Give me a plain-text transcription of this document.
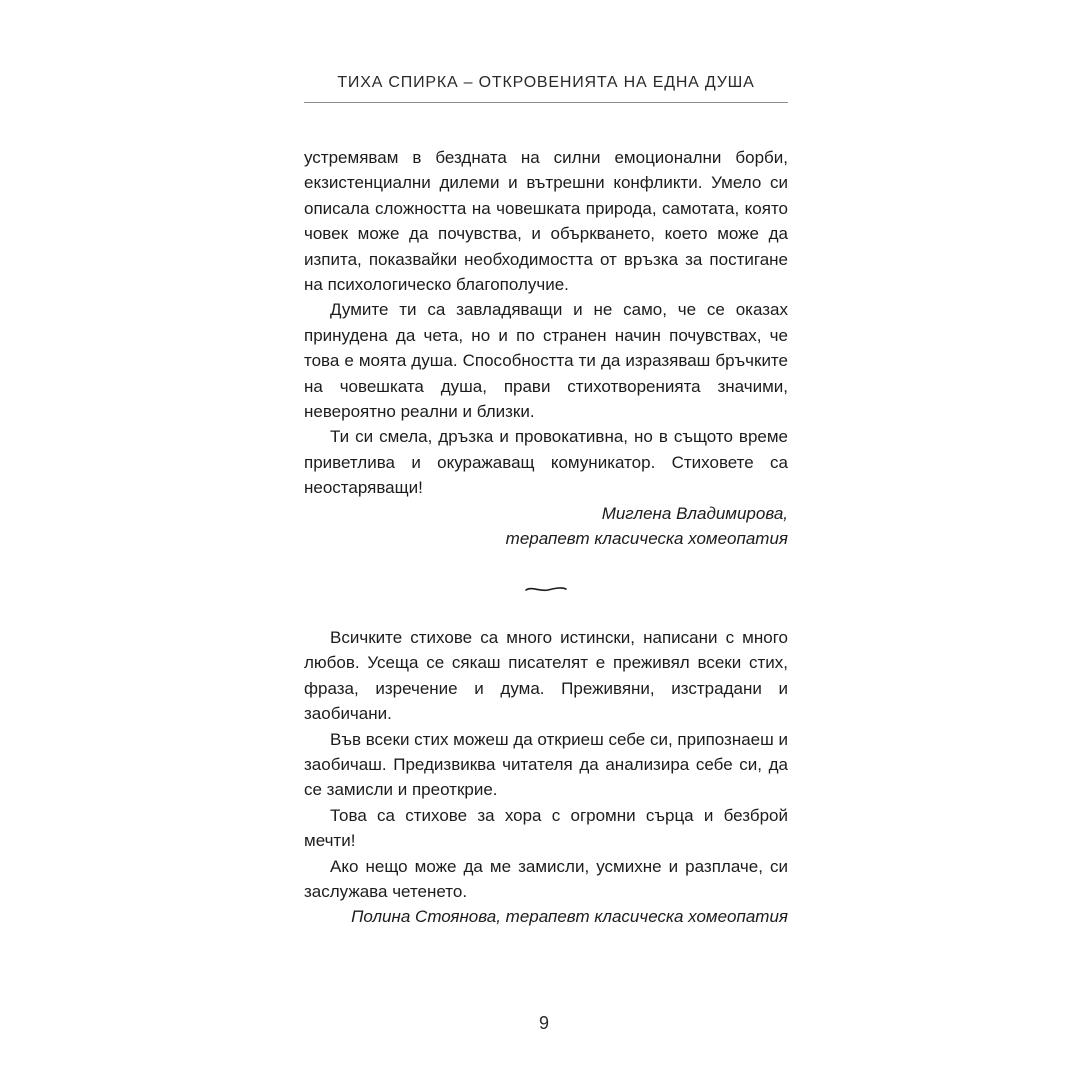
ТИХА СПИРКА – ОТКРОВЕНИЯТА НА ЕДНА ДУША

устремявам в бездната на силни емоционални борби, екзистенциални дилеми и вътрешни конфликти. Умело си описала сложността на човешката природа, самотата, която човек може да почувства, и объркването, което може да изпита, показвайки необходимостта от връзка за постигане на психологическо благополучие.

Думите ти са завладяващи и не само, че се оказах принудена да чета, но и по странен начин почувствах, че това е моята душа. Способността ти да изразяваш бръчките на човешката душа, прави стихотворенията значими, невероятно реални и близки.

Ти си смела, дръзка и провокативна, но в същото време приветлива и окуражаващ комуникатор. Стиховете са неостаряващи!

Миглена Владимирова,

терапевт класическа хомеопатия

Всичките стихове са много истински, написани с много любов. Усеща се сякаш писателят е преживял всеки стих, фраза, изречение и дума. Преживяни, изстрадани и заобичани.

Във всеки стих можеш да откриеш себе си, припознаеш и заобичаш. Предизвиква читателя да анализира себе си, да се замисли и преоткрие.

Това са стихове за хора с огромни сърца и безброй мечти!

Ако нещо може да ме замисли, усмихне и разплаче, си заслужава четенето.

Полина Стоянова, терапевт класическа хомеопатия

9
